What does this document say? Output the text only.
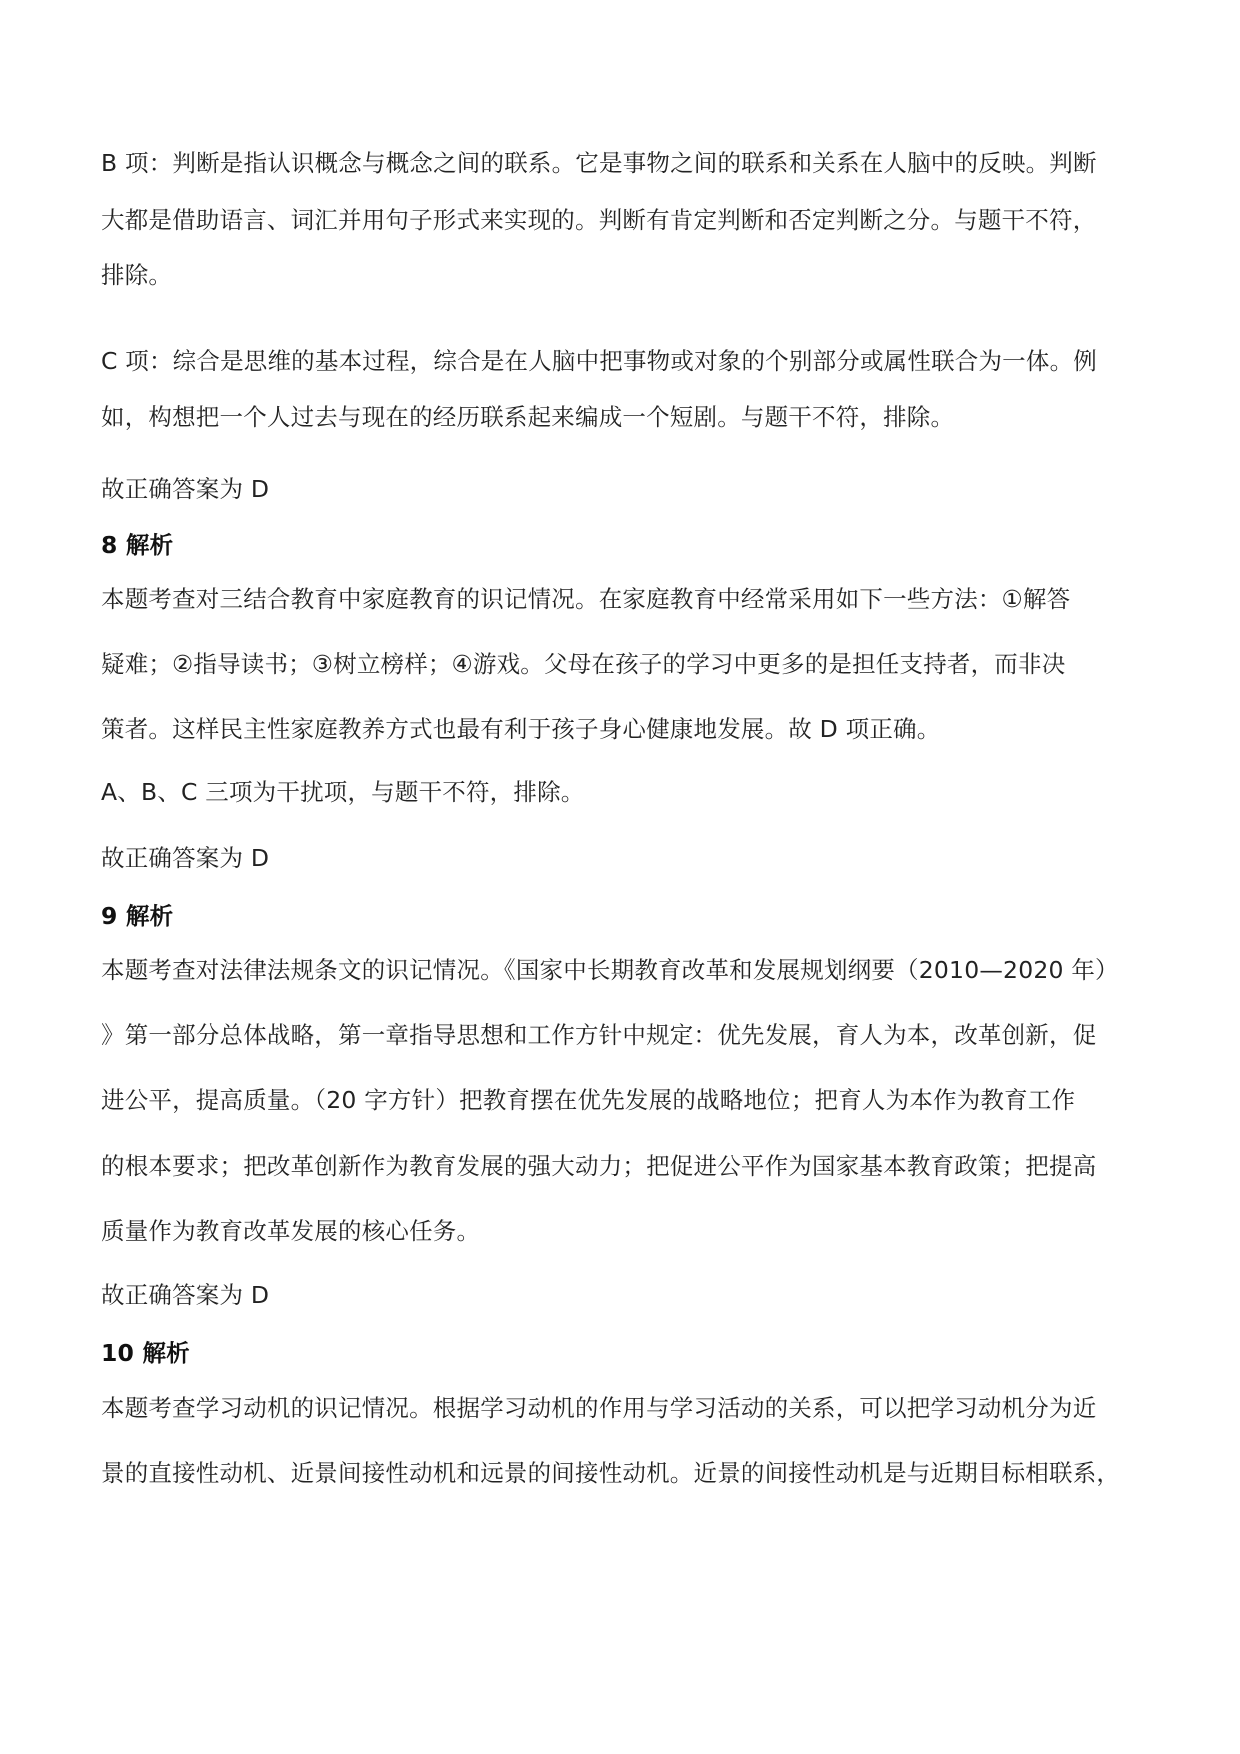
B 项：判断是指认识概念与概念之间的联系。它是事物之间的联系和关系在人脑中的反映。判断
大都是借助语言、词汇并用句子形式来实现的。判断有肯定判断和否定判断之分。与题干不符，
排除。
C 项：综合是思维的基本过程，综合是在人脑中把事物或对象的个别部分或属性联合为一体。例
如，构想把一个人过去与现在的经历联系起来编成一个短剧。与题干不符，排除。
故正确答案为 D
8 解析
本题考查对三结合教育中家庭教育的识记情况。在家庭教育中经常采用如下一些方法：①解答
疑难；②指导读书；③树立榜样；④游戏。父母在孩子的学习中更多的是担任支持者，而非决
策者。这样民主性家庭教养方式也最有利于孩子身心健康地发展。故 D 项正确。
A、B、C 三项为干扰项，与题干不符，排除。
故正确答案为 D
9 解析
本题考查对法律法规条文的识记情况。《国家中长期教育改革和发展规划纲要（2010—2020 年）
》第一部分总体战略，第一章指导思想和工作方针中规定：优先发展，育人为本，改革创新，促
进公平，提高质量。（20 字方针）把教育摆在优先发展的战略地位；把育人为本作为教育工作
的根本要求；把改革创新作为教育发展的强大动力；把促进公平作为国家基本教育政策；把提高
质量作为教育改革发展的核心任务。
故正确答案为 D
10 解析
本题考查学习动机的识记情况。根据学习动机的作用与学习活动的关系，可以把学习动机分为近
景的直接性动机、近景间接性动机和远景的间接性动机。近景的间接性动机是与近期目标相联系，
